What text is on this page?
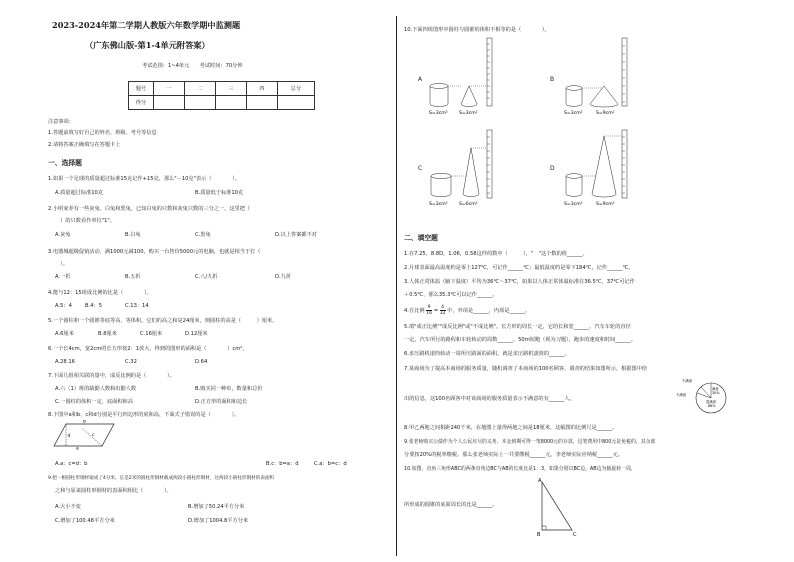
2023-2024年第二学期人教版六年数学期中监测题
（广东佛山版-第1-4单元附答案）
考试范围：1~4单元　　考试时间：70分钟
题号	一	二	三	四	总分
得分					
注意事项：
1.答题前填写好自己的姓名、班级、考号等信息
2.请将答案正确填写在答题卡上
一、选择题
1.如果一个足球的质量超过标准15克记作+15克，那么"－10克"表示（　　　　）。
A.质量超过标准10克	B.质量低于标准10克
2.小明家养有一些灰兔、白兔和黑兔，已知白兔的只数和灰兔只数的三分之一，这里把（
　）的只数看作单位"1"。
A.灰兔	B.白兔	C.黑兔	D.以上答案都不对
3.电器城超级促销活动，满1000元减100，购买一台售价5000元的电脑，也就是相当于打（
　）。
A.一折	B.五折	C.八/九折	D.九折
4.能与12：15组成比例的比是（　　　　）。
A.5：4	B.4：5	C.13：14
5.一个圆柱和一个圆锥等底等高，等体积，它们的高之和是24厘米，则圆柱的高是（　　　）厘米。
A.6厘米	B.8厘米	C.16厘米	D.12厘米
6.一个长4cm，宽2cm的长方形按2：1放大，得到的图形的面积是（　　　　）cm²。
A.28.16	C.32	D.64
7.下面几组相关联的量中，成反比例的是（　　　　）。
A.六（1）班的缺勤人数和出勤人数	B.购买同一种布，数量和总价
C.一圆柱的体积一定，底面积和高	D.正方形的面积和边长
8.下图中a和b、c和d分别是平行四边形的底和高，下面式子错误的是（　　　　）。
b
a
d	c
A.a：c=d：b	B.c：b=a：d	C.a：b=c：d
9.把一根圆柱形钢材锯成了4分米，长是2米的圆柱形钢材截成两段小圆柱形钢材，这两段小圆柱形钢材的表面积
之和与原来圆柱形钢材的表面积相比（　　　　）。
A.大小不变	B.增加了50.24平方分米
C.增加了100.48平方分米	D.增加了1004.8平方分米
10.下面四组图形中圆柱与圆锥的体积不相等的是（　　　　）。
A
S=3cm² S=3cm²
B
S=3cm²	S=9cm²
C
S=3cm² S=6cm²
D
S=3cm²	S=9cm²
二、填空题
1.在7.25，8.8D，1.06，0.58这样的数中（　　　），"　"这个数的值______。
2.月球表面最高温度约是零上127℃，可记作______℃；最低温度约是零下184℃，记作______℃。
3.人体正常体温（腋下温度）平均为36℃～37℃，如果以人体正常体温标准在36.5℃，37℃可记作
＋0.5℃，那么35.3℃可以记作______。
4.在比例 $\frac{9}{16} = \frac{4}{32}$ 中，外项是______，内项是______。
5.填"成正比例""成反比例"或"不成比例"。长方形的周长一定，它的长和宽______。汽车车轮的直径
一定，汽车所行的路程和车轮转动的周数______。50m短跑（视为习题），跑步的速度和时间______。
6.求压路机滚筒转动一周所压路面的面积，就是求压路机滚筒的______。
7.某商场为了提高本商场的服务质量，随机调查了本商场的100名顾客，调查的结果如图所示，根据图中给
出的信息，这100名顾客中对该商场的服务质量表示不满意的有______人。
满意
30%
很满意
66%
不满意
不满意
8.甲乙两地之间相距240千米，在地图上量得两地之间是18厘米，这幅图的比例尺是______。
9.张老师购买公债作为个人公民应尽的义务，本金到期可得一笔8000元的存款，这笔费用中800元是免税的，其余部
分要按20%的税率缴税。那么张老师实际上一共要缴税______元，李老师实际应纳税______元。
10.如图，直角三角形ABC的两条直角边BC与AB的长度比是1：3，如果分别以BC边、AB边为轴旋转一周，
A
B	C
所形成的圆锥的底面周长的比是______。
